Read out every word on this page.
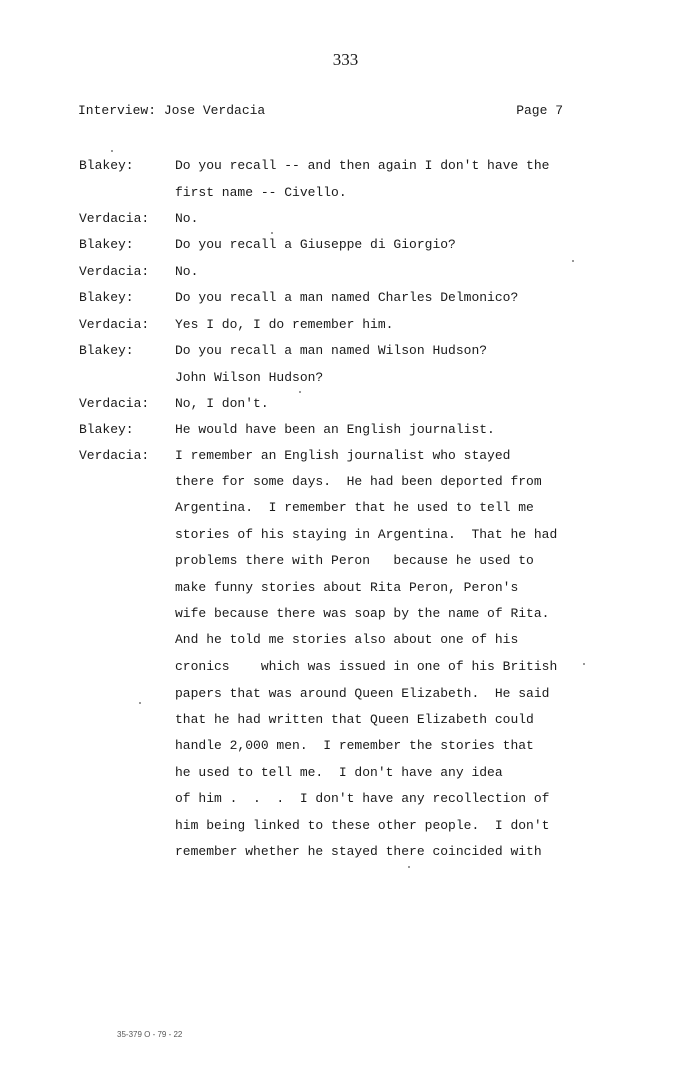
333
Interview: Jose Verdacia	Page 7
Blakey:	Do you recall -- and then again I don't have the
first name -- Civello.
Verdacia: No.
Blakey:	Do you recall a Giuseppe di Giorgio?
Verdacia: No.
Blakey:	Do you recall a man named Charles Delmonico?
Verdacia: Yes I do, I do remember him.
Blakey:	Do you recall a man named Wilson Hudson?
John Wilson Hudson?
Verdacia: No, I don't.
Blakey:	He would have been an English journalist.
Verdacia: I remember an English journalist who stayed
there for some days.  He had been deported from
Argentina.  I remember that he used to tell me
stories of his staying in Argentina.  That he had
problems there with Peron   because he used to
make funny stories about Rita Peron, Peron's
wife because there was soap by the name of Rita.
And he told me stories also about one of his
cronics    which was issued in one of his British
papers that was around Queen Elizabeth.  He said
that he had written that Queen Elizabeth could
handle 2,000 men.  I remember the stories that
he used to tell me.  I don't have any idea
of him .  .  .  I don't have any recollection of
him being linked to these other people.  I don't
remember whether he stayed there coincided with
35-379 O - 79 - 22
